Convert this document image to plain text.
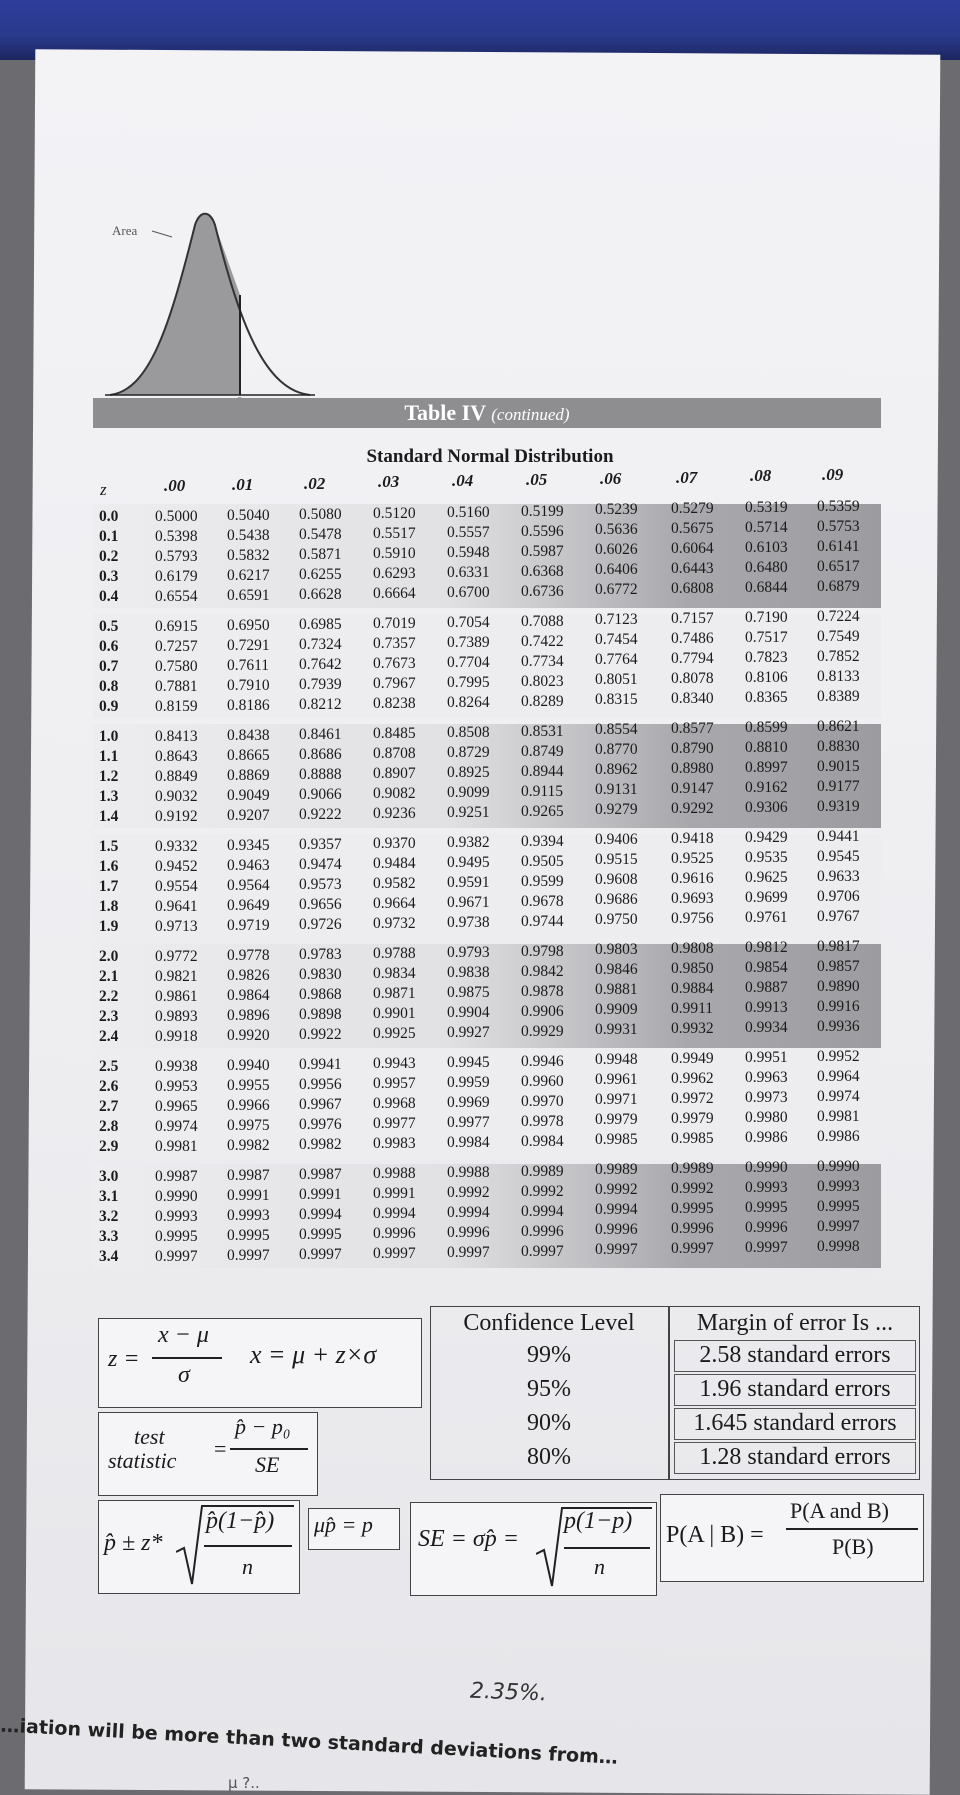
Area
Table IV (continued)
Standard Normal Distribution
z	.00	.01	.02	.03	.04	.05	.06	.07	.08	.09
0.0 0.5000 0.5040 0.5080 0.5120 0.5160 0.5199 0.5239 0.5279 0.5319 0.5359
0.1 0.5398 0.5438 0.5478 0.5517 0.5557 0.5596 0.5636 0.5675 0.5714 0.5753
0.2 0.5793 0.5832 0.5871 0.5910 0.5948 0.5987 0.6026 0.6064 0.6103 0.6141
0.3 0.6179 0.6217 0.6255 0.6293 0.6331 0.6368 0.6406 0.6443 0.6480 0.6517
0.4 0.6554 0.6591 0.6628 0.6664 0.6700 0.6736 0.6772 0.6808 0.6844 0.6879
0.5 0.6915 0.6950 0.6985 0.7019 0.7054 0.7088 0.7123 0.7157 0.7190 0.7224
0.6 0.7257 0.7291 0.7324 0.7357 0.7389 0.7422 0.7454 0.7486 0.7517 0.7549
0.7 0.7580 0.7611 0.7642 0.7673 0.7704 0.7734 0.7764 0.7794 0.7823 0.7852
0.8 0.7881 0.7910 0.7939 0.7967 0.7995 0.8023 0.8051 0.8078 0.8106 0.8133
0.9 0.8159 0.8186 0.8212 0.8238 0.8264 0.8289 0.8315 0.8340 0.8365 0.8389
1.0 0.8413 0.8438 0.8461 0.8485 0.8508 0.8531 0.8554 0.8577 0.8599 0.8621
1.1 0.8643 0.8665 0.8686 0.8708 0.8729 0.8749 0.8770 0.8790 0.8810 0.8830
1.2 0.8849 0.8869 0.8888 0.8907 0.8925 0.8944 0.8962 0.8980 0.8997 0.9015
1.3 0.9032 0.9049 0.9066 0.9082 0.9099 0.9115 0.9131 0.9147 0.9162 0.9177
1.4 0.9192 0.9207 0.9222 0.9236 0.9251 0.9265 0.9279 0.9292 0.9306 0.9319
1.5 0.9332 0.9345 0.9357 0.9370 0.9382 0.9394 0.9406 0.9418 0.9429 0.9441
1.6 0.9452 0.9463 0.9474 0.9484 0.9495 0.9505 0.9515 0.9525 0.9535 0.9545
1.7 0.9554 0.9564 0.9573 0.9582 0.9591 0.9599 0.9608 0.9616 0.9625 0.9633
1.8 0.9641 0.9649 0.9656 0.9664 0.9671 0.9678 0.9686 0.9693 0.9699 0.9706
1.9 0.9713 0.9719 0.9726 0.9732 0.9738 0.9744 0.9750 0.9756 0.9761 0.9767
2.0 0.9772 0.9778 0.9783 0.9788 0.9793 0.9798 0.9803 0.9808 0.9812 0.9817
2.1 0.9821 0.9826 0.9830 0.9834 0.9838 0.9842 0.9846 0.9850 0.9854 0.9857
2.2 0.9861 0.9864 0.9868 0.9871 0.9875 0.9878 0.9881 0.9884 0.9887 0.9890
2.3 0.9893 0.9896 0.9898 0.9901 0.9904 0.9906 0.9909 0.9911 0.9913 0.9916
2.4 0.9918 0.9920 0.9922 0.9925 0.9927 0.9929 0.9931 0.9932 0.9934 0.9936
2.5 0.9938 0.9940 0.9941 0.9943 0.9945 0.9946 0.9948 0.9949 0.9951 0.9952
2.6 0.9953 0.9955 0.9956 0.9957 0.9959 0.9960 0.9961 0.9962 0.9963 0.9964
2.7 0.9965 0.9966 0.9967 0.9968 0.9969 0.9970 0.9971 0.9972 0.9973 0.9974
2.8 0.9974 0.9975 0.9976 0.9977 0.9977 0.9978 0.9979 0.9979 0.9980 0.9981
2.9 0.9981 0.9982 0.9982 0.9983 0.9984 0.9984 0.9985 0.9985 0.9986 0.9986
3.0 0.9987 0.9987 0.9987 0.9988 0.9988 0.9989 0.9989 0.9989 0.9990 0.9990
3.1 0.9990 0.9991 0.9991 0.9991 0.9992 0.9992 0.9992 0.9992 0.9993 0.9993
3.2 0.9993 0.9993 0.9994 0.9994 0.9994 0.9994 0.9994 0.9995 0.9995 0.9995
3.3 0.9995 0.9995 0.9995 0.9996 0.9996 0.9996 0.9996 0.9996 0.9996 0.9997
3.4 0.9997 0.9997 0.9997 0.9997 0.9997 0.9997 0.9997 0.9997 0.9997 0.9998
z =
x − μ
σ
x = μ + z×σ
test
statistic =
p̂ − p₀
SE
p̂ ± z*
p̂(1−p̂)
n
μp̂ = p
SE = σp̂ =
p(1−p)
n
P(A | B) =
P(A and B)
P(B)
Confidence Level	Margin of error Is ...
99%	2.58 standard errors
95%	1.96 standard errors
90%	1.645 standard errors
80%	1.28 standard errors
2.35%.
…iation will be more than two standard deviations from…
μ ?..
